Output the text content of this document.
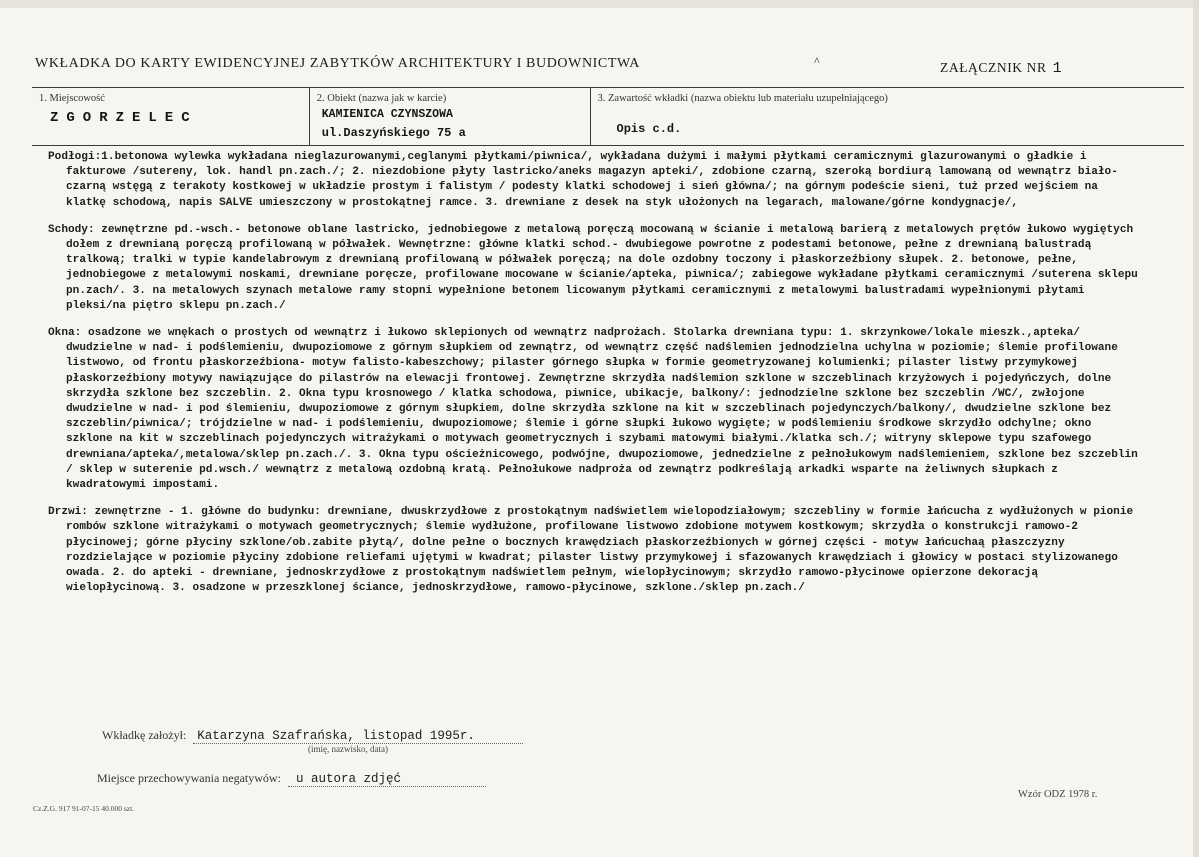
WKŁADKA DO KARTY EWIDENCYJNEJ ZABYTKÓW ARCHITEKTURY I BUDOWNICTWA	^	ZAŁĄCZNIK NR 1
1. Miejscowość
ZGORZELEC
2. Obiekt (nazwa jak w karcie)
KAMIENICA CZYNSZOWA
ul.Daszyńskiego 75 a
3. Zawartość wkładki (nazwa obiektu lub materiału uzupełniającego)
Opis c.d.

Podłogi:1.betonowa wylewka wykładana nieglazurowanymi,ceglanymi płytkami/piwnica/, wykładana dużymi i małymi płytkami ceramicznymi glazurowanymi o gładkie i fakturowe /sutereny, lok. handl pn.zach./; 2. niezdobione płyty lastricko/aneks magazyn apteki/, zdobione czarną, szeroką bordiurą lamowaną od wewnątrz biało-czarną wstęgą z terakoty kostkowej w układzie prostym i falistym / podesty klatki schodowej i sień główna/; na górnym podeście sieni, tuż przed wejściem na klatkę schodową, napis SALVE umieszczony w prostokątnej ramce. 3. drewniane z desek na styk ułożonych na legarach, malowane/górne kondygnacje/,

Schody: zewnętrzne pd.-wsch.- betonowe oblane lastricko, jednobiegowe z metalową poręczą mocowaną w ścianie i metalową barierą z metalowych prętów łukowo wygiętych dołem z drewnianą poręczą profilowaną w półwałek. Wewnętrzne: główne klatki schod.- dwubiegowe powrotne z podestami betonowe, pełne z drewnianą balustradą tralkową; tralki w typie kandelabrowym z drewnianą profilowaną w półwałek poręczą; na dole ozdobny toczony i płaskorzeźbiony słupek. 2. betonowe, pełne, jednobiegowe z metalowymi noskami, drewniane poręcze, profilowane mocowane w ścianie/apteka, piwnica/; zabiegowe wykładane płytkami ceramicznymi /suterena sklepu pn.zach/. 3. na metalowych szynach metalowe ramy stopni wypełnione betonem licowanym płytkami ceramicznymi z metalowymi balustradami wypełnionymi płytami pleksi/na piętro sklepu pn.zach./

Okna: osadzone we wnękach o prostych od wewnątrz i łukowo sklepionych od wewnątrz nadprożach. Stolarka drewniana typu: 1. skrzynkowe/lokale mieszk.,apteka/ dwudzielne w nad- i podślemieniu, dwupoziomowe z górnym słupkiem od zewnątrz, od wewnątrz część nadślemien jednodzielna uchylna w poziomie; ślemie profilowane listwowo, od frontu płaskorzeźbiona- motyw falisto-kabeszchowy; pilaster górnego słupka w formie geometryzowanej kolumienki; pilaster listwy przymykowej płaskorzeźbiony motywy nawiązujące do pilastrów na elewacji frontowej. Zewnętrzne skrzydła nadślemion szklone w szczeblinach krzyżowych i pojedyńczych, dolne skrzydła szklone bez szczeblin. 2. Okna typu krosnowego / klatka schodowa, piwnice, ubikacje, balkony/: jednodzielne szklone bez szczeblin /WC/, zwłojone dwudzielne w nad- i pod ślemieniu, dwupoziomowe z górnym słupkiem, dolne skrzydła szklone na kit w szczeblinach pojedynczych/balkony/, dwudzielne szklone bez szczeblin/piwnica/; trójdzielne w nad- i podślemieniu, dwupoziomowe; ślemie i górne słupki łukowo wygięte; w podślemieniu środkowe skrzydło odchylne; okno szklone na kit w szczeblinach pojedynczych witrażykami o motywach geometrycznych i szybami matowymi białymi./klatka sch./; witryny sklepowe typu szafowego drewniana/apteka/,metalowa/sklep pn.zach./. 3. Okna typu ościeżnicowego, podwójne, dwupoziomowe, jednedzielne z pełnołukowym nadślemieniem, szklone bez szczeblin / sklep w suterenie pd.wsch./ wewnątrz z metalową ozdobną kratą. Pełnołukowe nadproża od zewnątrz podkreślają arkadki wsparte na żeliwnych słupkach z kwadratowymi impostami.

Drzwi: zewnętrzne - 1. główne do budynku: drewniane, dwuskrzydłowe z prostokątnym nadświetlem wielopodziałowym; szczebliny w formie łańcucha z wydłużonych w pionie rombów szklone witrażykami o motywach geometrycznych; ślemie wydłużone, profilowane listwowo zdobione motywem kostkowym; skrzydła o konstrukcji ramowo-2 płycinowej; górne płyciny szklone/ob.zabite płytą/, dolne pełne o bocznych krawędziach płaskorzeźbionych w górnej części - motyw łańcuchaą płaszczyzny rozdzielające w poziomie płyciny zdobione reliefami ujętymi w kwadrat; pilaster listwy przymykowej i sfazowanych krawędziach i głowicy w postaci stylizowanego owada. 2. do apteki - drewniane, jednoskrzydłowe z prostokątnym nadświetlem pełnym, wielopłycinowym; skrzydło ramowo-płycinowe opierzone dekoracją wielopłycinową. 3. osadzone w przeszklonej ściance, jednoskrzydłowe, ramowo-płycinowe, szklone./sklep pn.zach./

Wkładkę założył: Katarzyna Szafrańska, listopad 1995r.
(imię, nazwisko, data)
Miejsce przechowywania negatywów: u autora zdjęć
Wzór ODZ 1978 r.
Cz.Z.G. 917 91-07-15 40.000 szt.
